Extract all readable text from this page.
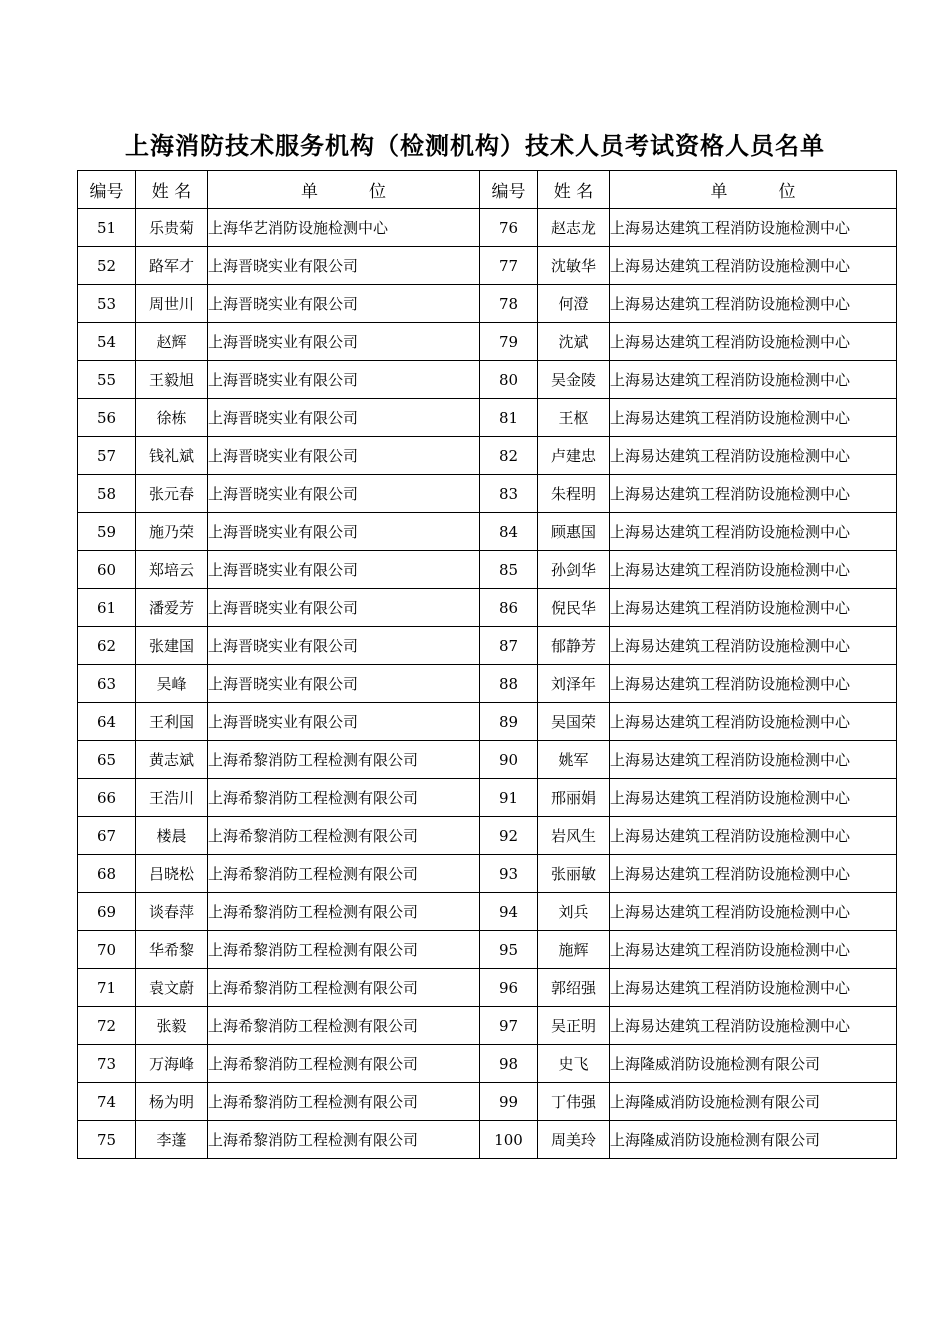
上海消防技术服务机构（检测机构）技术人员考试资格人员名单
编号	姓 名	单　　　位	编号	姓 名	单　　　位
51	乐贵菊	上海华艺消防设施检测中心	76	赵志龙	上海易达建筑工程消防设施检测中心
52	路军才	上海晋晓实业有限公司	77	沈敏华	上海易达建筑工程消防设施检测中心
53	周世川	上海晋晓实业有限公司	78	何澄	上海易达建筑工程消防设施检测中心
54	赵辉	上海晋晓实业有限公司	79	沈斌	上海易达建筑工程消防设施检测中心
55	王毅旭	上海晋晓实业有限公司	80	吴金陵	上海易达建筑工程消防设施检测中心
56	徐栋	上海晋晓实业有限公司	81	王枢	上海易达建筑工程消防设施检测中心
57	钱礼斌	上海晋晓实业有限公司	82	卢建忠	上海易达建筑工程消防设施检测中心
58	张元春	上海晋晓实业有限公司	83	朱程明	上海易达建筑工程消防设施检测中心
59	施乃荣	上海晋晓实业有限公司	84	顾惠国	上海易达建筑工程消防设施检测中心
60	郑培云	上海晋晓实业有限公司	85	孙剑华	上海易达建筑工程消防设施检测中心
61	潘爱芳	上海晋晓实业有限公司	86	倪民华	上海易达建筑工程消防设施检测中心
62	张建国	上海晋晓实业有限公司	87	郁静芳	上海易达建筑工程消防设施检测中心
63	吴峰	上海晋晓实业有限公司	88	刘泽年	上海易达建筑工程消防设施检测中心
64	王利国	上海晋晓实业有限公司	89	吴国荣	上海易达建筑工程消防设施检测中心
65	黄志斌	上海希黎消防工程检测有限公司	90	姚军	上海易达建筑工程消防设施检测中心
66	王浩川	上海希黎消防工程检测有限公司	91	邢丽娟	上海易达建筑工程消防设施检测中心
67	楼晨	上海希黎消防工程检测有限公司	92	岩风生	上海易达建筑工程消防设施检测中心
68	吕晓松	上海希黎消防工程检测有限公司	93	张丽敏	上海易达建筑工程消防设施检测中心
69	谈春萍	上海希黎消防工程检测有限公司	94	刘兵	上海易达建筑工程消防设施检测中心
70	华希黎	上海希黎消防工程检测有限公司	95	施辉	上海易达建筑工程消防设施检测中心
71	袁文蔚	上海希黎消防工程检测有限公司	96	郭绍强	上海易达建筑工程消防设施检测中心
72	张毅	上海希黎消防工程检测有限公司	97	吴正明	上海易达建筑工程消防设施检测中心
73	万海峰	上海希黎消防工程检测有限公司	98	史飞	上海隆威消防设施检测有限公司
74	杨为明	上海希黎消防工程检测有限公司	99	丁伟强	上海隆威消防设施检测有限公司
75	李蓬	上海希黎消防工程检测有限公司	100	周美玲	上海隆威消防设施检测有限公司
